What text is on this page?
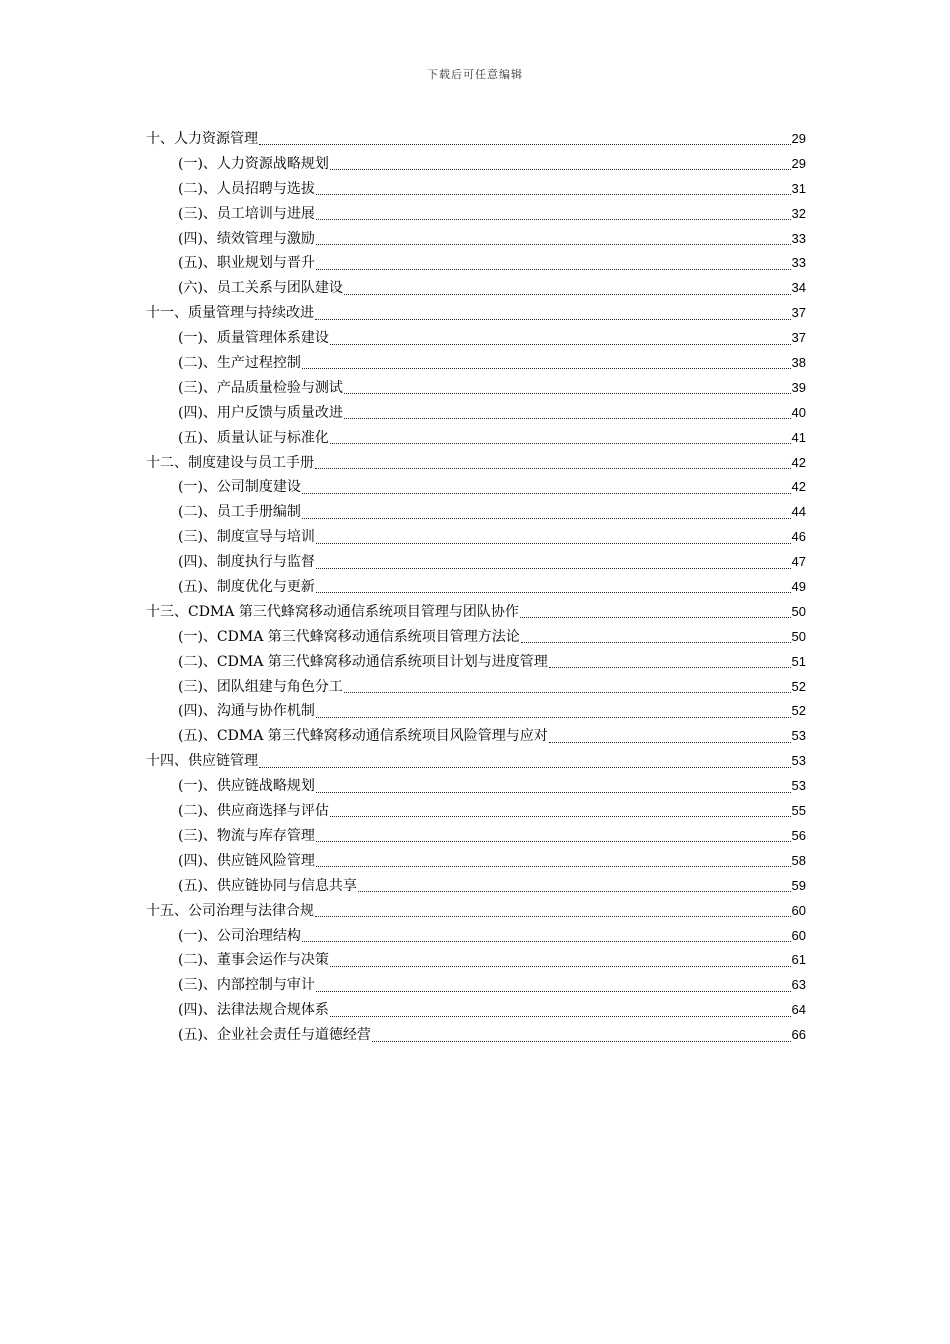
下载后可任意编辑
十、人力资源管理	29
(一)、人力资源战略规划	29
(二)、人员招聘与选拔	31
(三)、员工培训与进展	32
(四)、绩效管理与激励	33
(五)、职业规划与晋升	33
(六)、员工关系与团队建设	34
十一、质量管理与持续改进	37
(一)、质量管理体系建设	37
(二)、生产过程控制	38
(三)、产品质量检验与测试	39
(四)、用户反馈与质量改进	40
(五)、质量认证与标准化	41
十二、制度建设与员工手册	42
(一)、公司制度建设	42
(二)、员工手册编制	44
(三)、制度宣导与培训	46
(四)、制度执行与监督	47
(五)、制度优化与更新	49
十三、CDMA 第三代蜂窝移动通信系统项目管理与团队协作	50
(一)、CDMA 第三代蜂窝移动通信系统项目管理方法论	50
(二)、CDMA 第三代蜂窝移动通信系统项目计划与进度管理	51
(三)、团队组建与角色分工	52
(四)、沟通与协作机制	52
(五)、CDMA 第三代蜂窝移动通信系统项目风险管理与应对	53
十四、供应链管理	53
(一)、供应链战略规划	53
(二)、供应商选择与评估	55
(三)、物流与库存管理	56
(四)、供应链风险管理	58
(五)、供应链协同与信息共享	59
十五、公司治理与法律合规	60
(一)、公司治理结构	60
(二)、董事会运作与决策	61
(三)、内部控制与审计	63
(四)、法律法规合规体系	64
(五)、企业社会责任与道德经营	66
